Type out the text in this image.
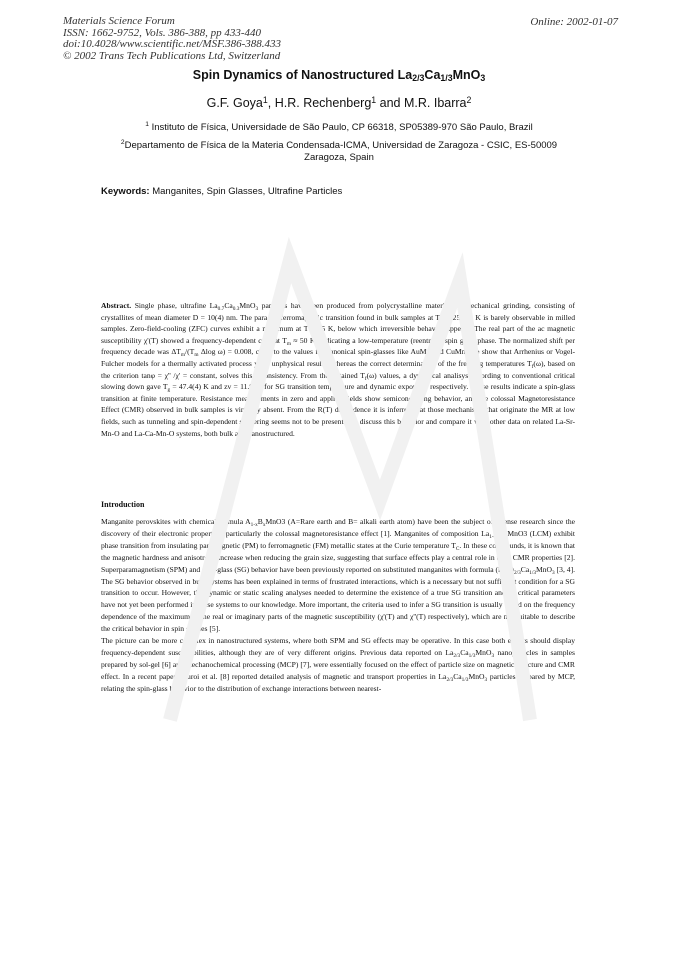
Materials Science Forum
ISSN: 1662-9752, Vols. 386-388, pp 433-440
doi:10.4028/www.scientific.net/MSF.386-388.433
© 2002 Trans Tech Publications Ltd, Switzerland
Online: 2002-01-07
Spin Dynamics of Nanostructured $La_{2/3}Ca_{1/3}MnO_3$
G.F. Goya$^1$, H.R. Rechenberg$^1$ and M.R. Ibarra$^2$
$^1$ Instituto de Física, Universidade de São Paulo, CP 66318, SP05389-970 São Paulo, Brazil
$^2$Departamento de Física de la Materia Condensada-ICMA, Universidad de Zaragoza - CSIC, ES-50009 Zaragoza, Spain
Keywords: Manganites, Spin Glasses, Ultrafine Particles
Abstract. Single phase, ultrafine $La_{0.7}Ca_{0.3}MnO_3$ particles have been produced from polycrystalline material by mechanical grinding, consisting of crystallites of mean diameter D = 10(4) nm. The para- to ferromagnetic transition found in bulk samples at $T_C = 254(2)$ K is barely observable in milled samples. Zero-field-cooling (ZFC) curves exhibit a maximum at T ≈ 45 K, below which irreversible behavior appears. The real part of the ac magnetic susceptibility χ'(T) showed a frequency-dependent cusp at $T_m \approx 50$ K, indicating a low-temperature (reentrant) spin glass phase. The normalized shift per frequency decade was $\Delta T_m/(T_m$ Δlog ω) = 0.008, close to the values for canonical spin-glasses like AuMn and CuMn. We show that Arrhenius or Vogel-Fulcher models for a thermally activated process yield unphysical results, whereas the correct determination of the freezing temperatures $T_f(\omega)$, based on the criterion tanφ = χ'' /χ' = constant, solves this inconsistency. From the obtained $T_f(\omega)$ values, a dynamical analisys according to conventional critical slowing down gave $T_g = 47.4(4)$ K and zv = 11.8(2) for SG transition temperature and dynamic exponent, respectively. These results indicate a spin-glass transition at finite temperature. Resistance measurements in zero and applied fields show semiconducting behavior, and the colossal Magnetoresistance Effect (CMR) observed in bulk samples is virtually absent. From the R(T) dependence it is inferred that those mechanisms that originate the MR at low fields, such as tunneling and spin-dependent scattering seems not to be present. We discuss this behavior and compare it with other data on related La-Sr-Mn-O and La-Ca-Mn-O systems, both bulk and nanostructured.
Introduction

Manganite perovskites with chemical formula $A_{1-x}B_xMnO3$ (A=Rare earth and B= alkali earth atom) have been the subject of intense research since the discovery of their electronic properties, particularly the colossal magnetoresistance effect [1]. Manganites of composition $La_{1-x}Ca_xMnO3$ (LCM) exhibit phase transition from insulating paramagnetic (PM) to ferromagnetic (FM) metallic states at the Curie temperature $T_C$. In these compounds, it is known that the magnetic hardness and anisotropy increase when reducing the grain size, suggesting that surface effects play a central role in their CMR properties [2]. Superparamagnetism (SPM) and spin-glass (SG) behavior have been previously reported on substituted manganites with formula $(R,R')_{2/3}Ca_{1/3}MnO_3$ [3, 4]. The SG behavior observed in bulk systems has been explained in terms of frustrated interactions, which is a necessary but not sufficient condition for a SG transition to occur. However, the dynamic or static scaling analyses needed to determine the existence of a true SG transition and its critical parameters have not yet been performed in these systems to our knowledge. More important, the criteria used to infer a SG transition is usually based on the frequency dependence of the maximum of the real or imaginary parts of the magnetic susceptibility (χ'(T) and χ''(T) respectively), which are not suitable to describe the critical behavior in spin glasses [5].

The picture can be more complex in nanostructured systems, where both SPM and SG effects may be operative. In this case both effects should display frequency-dependent susceptibilities, although they are of very different origins. Previous data reported on $La_{2/3}Ca_{1/3}MnO_3$ nanoparticles in samples prepared by sol-gel [6] and mechanochemical processing (MCP) [7], were essentially focused on the effect of particle size on magnetic structure and CMR effect. In a recent paper, Muroi et al. [8] reported detailed analysis of magnetic and transport properties in $La_{2/3}Ca_{1/3}MnO_3$ particles prepared by MCP, relating the spin-glass behavior to the distribution of exchange interactions between nearest-
